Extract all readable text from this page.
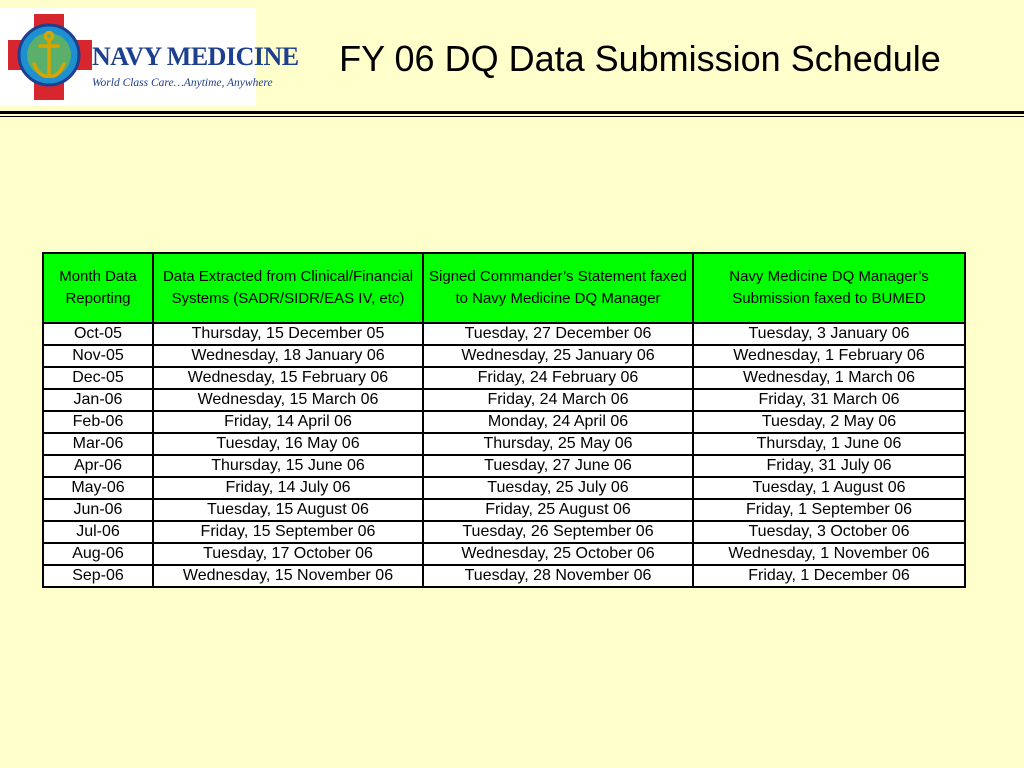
NAVY MEDICINE
World Class Care…Anytime, Anywhere
FY 06 DQ Data Submission Schedule
Month Data Reporting	Data Extracted from Clinical/Financial Systems (SADR/SIDR/EAS IV, etc)	Signed Commander’s Statement faxed to Navy Medicine DQ Manager	Navy Medicine DQ Manager’s Submission faxed to BUMED
Oct-05	Thursday, 15 December 05	Tuesday, 27 December 06	Tuesday, 3 January 06
Nov-05	Wednesday, 18 January 06	Wednesday, 25 January 06	Wednesday, 1 February 06
Dec-05	Wednesday, 15 February 06	Friday, 24 February 06	Wednesday, 1 March 06
Jan-06	Wednesday, 15 March 06	Friday, 24 March 06	Friday, 31 March 06
Feb-06	Friday, 14 April 06	Monday, 24 April 06	Tuesday, 2 May 06
Mar-06	Tuesday, 16 May 06	Thursday, 25 May 06	Thursday, 1 June 06
Apr-06	Thursday, 15 June 06	Tuesday, 27 June 06	Friday, 31 July 06
May-06	Friday, 14 July 06	Tuesday, 25 July 06	Tuesday, 1 August 06
Jun-06	Tuesday, 15 August 06	Friday, 25 August 06	Friday, 1 September 06
Jul-06	Friday, 15 September 06	Tuesday, 26 September 06	Tuesday, 3 October 06
Aug-06	Tuesday, 17 October 06	Wednesday, 25 October 06	Wednesday, 1 November 06
Sep-06	Wednesday, 15 November 06	Tuesday, 28 November 06	Friday, 1 December 06
